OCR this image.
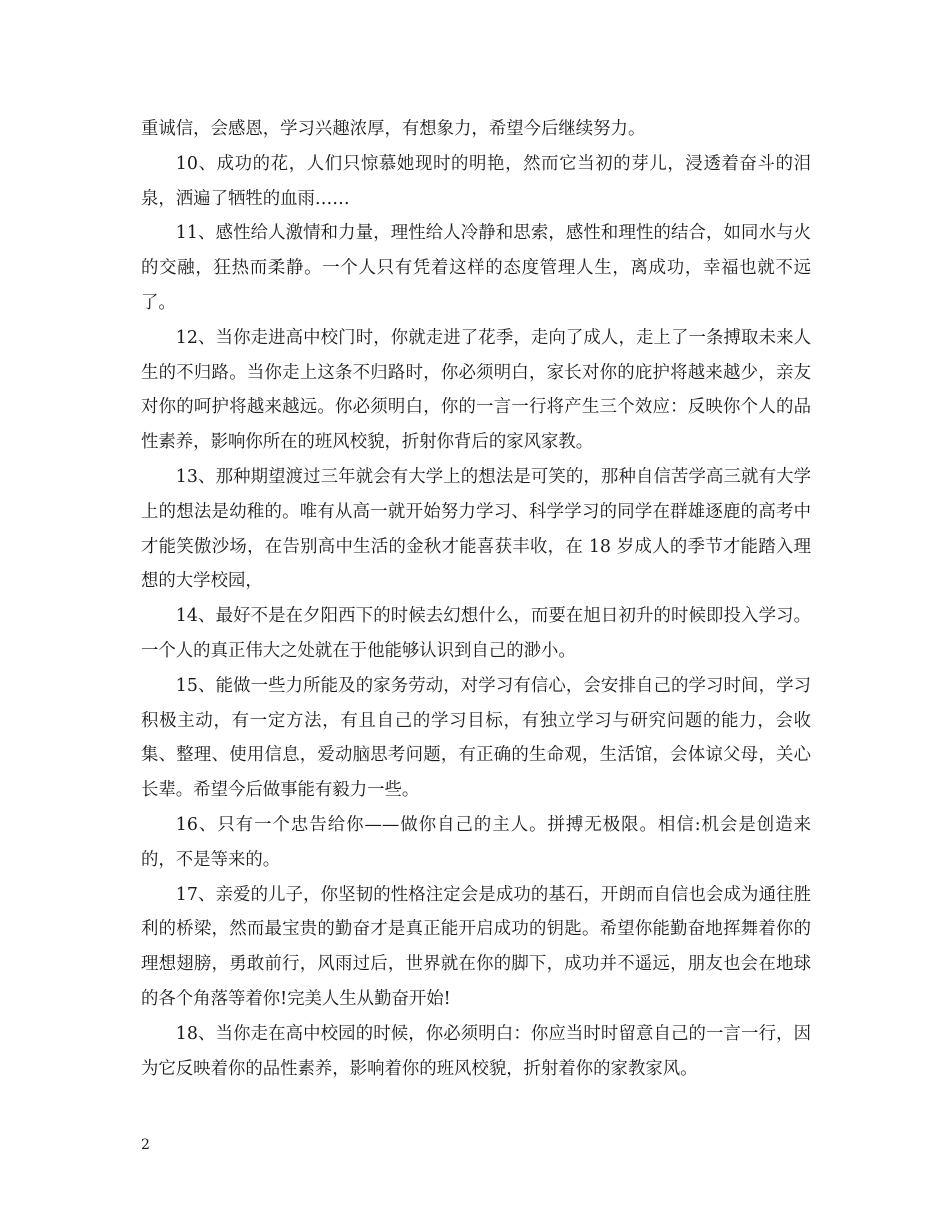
重诚信，会感恩，学习兴趣浓厚，有想象力，希望今后继续努力。

10、成功的花，人们只惊慕她现时的明艳，然而它当初的芽儿，浸透着奋斗的泪泉，洒遍了牺牲的血雨……

11、感性给人激情和力量，理性给人冷静和思索，感性和理性的结合，如同水与火的交融，狂热而柔静。一个人只有凭着这样的态度管理人生，离成功，幸福也就不远了。

12、当你走进高中校门时，你就走进了花季，走向了成人，走上了一条搏取未来人生的不归路。当你走上这条不归路时，你必须明白，家长对你的庇护将越来越少，亲友对你的呵护将越来越远。你必须明白，你的一言一行将产生三个效应：反映你个人的品性素养，影响你所在的班风校貌，折射你背后的家风家教。

13、那种期望渡过三年就会有大学上的想法是可笑的，那种自信苦学高三就有大学上的想法是幼稚的。唯有从高一就开始努力学习、科学学习的同学在群雄逐鹿的高考中才能笑傲沙场，在告别高中生活的金秋才能喜获丰收，在 18 岁成人的季节才能踏入理想的大学校园，

14、最好不是在夕阳西下的时候去幻想什么，而要在旭日初升的时候即投入学习。一个人的真正伟大之处就在于他能够认识到自己的渺小。

15、能做一些力所能及的家务劳动，对学习有信心，会安排自己的学习时间，学习积极主动，有一定方法，有且自己的学习目标，有独立学习与研究问题的能力，会收集、整理、使用信息，爱动脑思考问题，有正确的生命观，生活馆，会体谅父母，关心长辈。希望今后做事能有毅力一些。

16、只有一个忠告给你——做你自己的主人。拼搏无极限。相信:机会是创造来的，不是等来的。

17、亲爱的儿子，你坚韧的性格注定会是成功的基石，开朗而自信也会成为通往胜利的桥梁，然而最宝贵的勤奋才是真正能开启成功的钥匙。希望你能勤奋地挥舞着你的理想翅膀，勇敢前行，风雨过后，世界就在你的脚下，成功并不遥远，朋友也会在地球的各个角落等着你!完美人生从勤奋开始!

18、当你走在高中校园的时候，你必须明白：你应当时时留意自己的一言一行，因为它反映着你的品性素养，影响着你的班风校貌，折射着你的家教家风。

2
